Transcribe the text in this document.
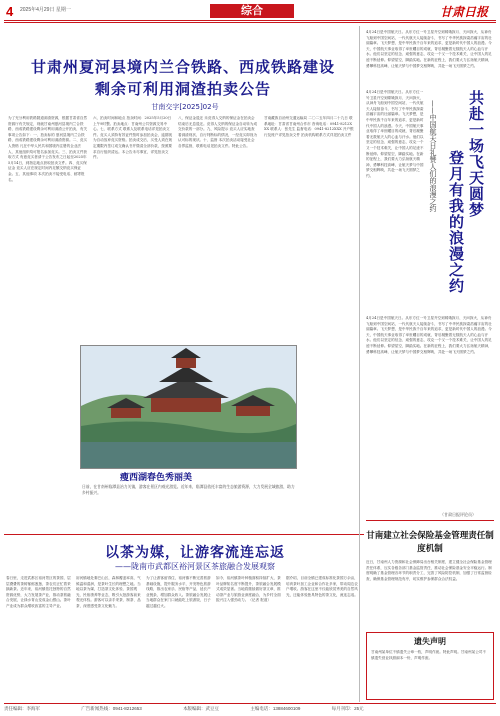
4 2025年4月29日 星期一	综合	甘肃日报
甘肃州夏河县境内兰合铁路、西成铁路建设
剩余可利用洞渣拍卖公告
甘南交字[2025]02号
为了充分利用铁路隧道洞渣资源，根据甘肃省自然资源厅有关规定，现就甘南州夏河县境内兰合铁路、西成铁路建设剩余可利用洞渣公开拍卖，有关事项公告如下：一、拍卖标的 夏河县境内兰合铁路、西成铁路建设剩余可利用洞渣资源。二、竞买人资格 凡在中华人民共和国境内注册的企业法人、其他组织均可报名参加竞买。三、拍卖文件获取方式 有意竞买者请于公告发布之日起至2025年5月14日，到指定地点获取拍卖文件。四、竞买保证金 竞买人应在规定时间内足额交纳竞买保证金。五、其他事项 本次拍卖不接受电话、邮寄报名。
六、拍卖时间和地点 拍卖时间：2025年5月20日上午9时整。拍卖地点：甘南州公共资源交易中心。七、联系方式 联系人及联系电话详见拍卖文件。竞买人须持有效证件按时参加拍卖会，逾期视为自动放弃竞买资格。拍卖成交后，买受人须在规定期限内签订成交确认书并缴清全部价款，按照要求自行组织清运。本公告未尽事宜，详见拍卖文件。
八、保证金退还 未竞得人交纳的保证金在拍卖会结束后无息退还。竞得人交纳的保证金自动转为成交价款的一部分。九、风险提示 竞买人应实地查看洞渣现状，自行判断标的情况，一经竞买即视为认可标的现状。十、监督 本次拍卖活动接受社会各界监督，联系电话见拍卖文件。特此公告。
甘南藏族自治州交通运输局 二〇二五年四月二十九日 联系地址：甘肃省甘南州合作市 咨询电话：0941-8212XXX 联系人：张先生 监督电话：0941-8212XXX 开户银行及账户详见拍卖文件 拍卖机构联系方式详见拍卖文件
瘦西湖春色秀丽美
日前，在甘南州临潭县冶力关镇，游客在景区内观光游览。近年来，临潭县依托丰富的生态旅游资源，大力发展全域旅游，助力乡村振兴。
以茶为媒，让游客流连忘返
——陇南市武都区裕河景区茶旅融合发展观察
春日里，走进武都区裕河景区的茶园，层层叠叠的茶树郁郁葱葱，茶农们正忙着采摘新茶。近年来，裕河镇依托独特的自然资源优势，大力发展茶产业，推动茶旅融合发展，让绿水青山变成金山银山。茶叶产业成为群众增收致富的主导产业。
裕河镇地处秦巴山区，森林覆盖率高，气候温和湿润，是茶叶生长的理想之地。当地以茶为媒，打造茶文化体验、茶园观光、民宿康养等业态，吸引大批游客前来观光体验。游客可以亲手采茶、制茶、品茶，深度感受茶文化魅力。
为了让游客留得住，裕河镇不断完善旅游基础设施，提升服务水平，开发特色旅游线路，推出农家乐、民宿等产品，延长产业链条，增加群众收入。茶旅融合发展让当地群众在家门口就能吃上旅游饭，日子越过越红火。
如今，裕河镇茶叶种植面积持续扩大，茶叶品牌知名度不断提升，茶旅融合发展模式成效显著。当地将继续做好茶文章，推动茶产业与旅游业深度融合，为乡村全面振兴注入强劲动力。（记者 报道）
据介绍，目前全镇已建成标准化茶园万余亩，培育茶叶加工企业和合作社多家，带动周边农户增收。游客在这里不仅能欣赏秀美的自然风光，还能体验独具特色的茶文化，流连忘返。
4月24日是中国航天日。从东方红一号卫星升空到嫦娥探月、天问探火，从神舟飞船到中国空间站，一代代航天人接续奋斗，书写了中华民族探索浩瀚宇宙的壮丽篇章。飞天梦想，是中华民族千百年来的追求，更是新时代中国人的浪漫。今天，中国航天事业取得了举世瞩目的成就，背后凝聚着无数航天人的心血与汗水。他们以坚定的信念、顽强的意志，攻克一个又一个技术难关，让中国人的足迹不断延伸。仰望星空，脚踏实地。在新的征程上，我们要大力弘扬航天精神，勇攀科技高峰，让航天梦与中国梦交相辉映，共赴一场飞天圆梦之约。
共赴一场飞天圆梦
登月有我的浪漫之约
——中国航天日礼赞人们的浪漫之约
4月24日是中国航天日。从东方红一号卫星升空到嫦娥探月、天问探火，从神舟飞船到中国空间站，一代代航天人接续奋斗，书写了中华民族探索浩瀚宇宙的壮丽篇章。飞天梦想，是中华民族千百年来的追求，更是新时代中国人的浪漫。今天，中国航天事业取得了举世瞩目的成就，背后凝聚着无数航天人的心血与汗水。他们以坚定的信念、顽强的意志，攻克一个又一个技术难关，让中国人的足迹不断延伸。仰望星空，脚踏实地。在新的征程上，我们要大力弘扬航天精神，勇攀科技高峰，让航天梦与中国梦交相辉映，共赴一场飞天圆梦之约。
4月24日是中国航天日。从东方红一号卫星升空到嫦娥探月、天问探火，从神舟飞船到中国空间站，一代代航天人接续奋斗，书写了中华民族探索浩瀚宇宙的壮丽篇章。飞天梦想，是中华民族千百年来的追求，更是新时代中国人的浪漫。今天，中国航天事业取得了举世瞩目的成就，背后凝聚着无数航天人的心血与汗水。他们以坚定的信念、顽强的意志，攻克一个又一个技术难关，让中国人的足迹不断延伸。仰望星空，脚踏实地。在新的征程上，我们要大力弘扬航天精神，勇攀科技高峰，让航天梦与中国梦交相辉映，共赴一场飞天圆梦之约。
（甘肃日报评论员）
甘南建立社会保险基金管理责任制度机制
近日，甘南州人力资源和社会保障局出台相关制度，建立健全社会保险基金管理责任体系，压实各级各部门基金监管责任，推动社会保险基金安全平稳运行。制度明确了基金管理各环节的职责分工，完善了风险防控机制，加强了日常监督检查，确保基金管理规范有序，切实维护参保群众合法权益。
遗失声明
甘南州某单位不慎遗失公章一枚，声明作废。特此声明。甘南州某公司不慎遗失营业执照副本一份，声明作废。
责任编辑：李海军	广告新闻热线：0941-8212653	本版编辑：武豆豆	主编电话：13884600109	每月刊印：25元
